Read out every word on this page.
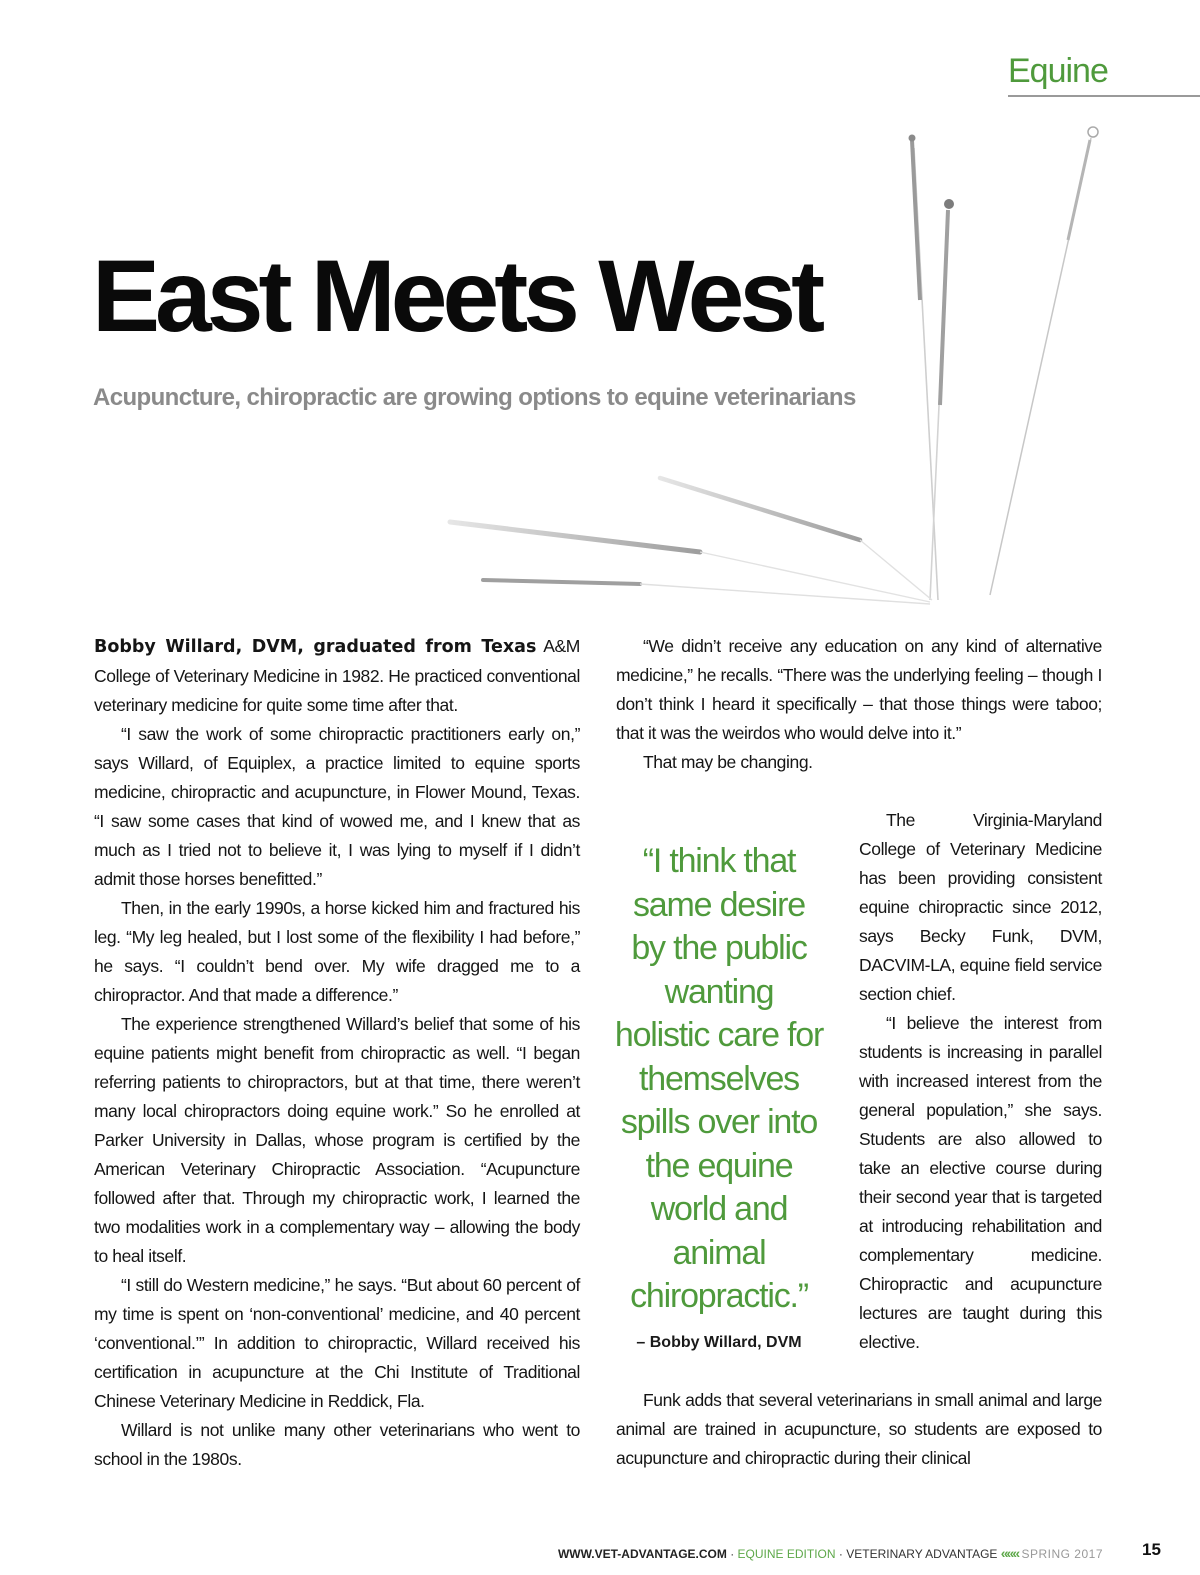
Equine
East Meets West
Acupuncture, chiropractic are growing options to equine veterinarians

Bobby Willard, DVM, graduated from Texas A&M College of Veterinary Medicine in 1982. He practiced conventional veterinary medicine for quite some time after that.

“I saw the work of some chiropractic practitioners early on,” says Willard, of Equiplex, a practice limited to equine sports medicine, chiropractic and acupuncture, in Flower Mound, Texas. “I saw some cases that kind of wowed me, and I knew that as much as I tried not to believe it, I was lying to myself if I didn’t admit those horses benefitted.”

Then, in the early 1990s, a horse kicked him and fractured his leg. “My leg healed, but I lost some of the flexibility I had before,” he says. “I couldn’t bend over. My wife dragged me to a chiropractor. And that made a difference.”

The experience strengthened Willard’s belief that some of his equine patients might benefit from chiropractic as well. “I began referring patients to chiropractors, but at that time, there weren’t many local chiropractors doing equine work.” So he enrolled at Parker University in Dallas, whose program is certified by the American Veterinary Chiropractic Association. “Acupuncture followed after that. Through my chiropractic work, I learned the two modalities work in a complementary way – allowing the body to heal itself.

“I still do Western medicine,” he says. “But about 60 percent of my time is spent on ‘non-conventional’ medicine, and 40 percent ‘conventional.’” In addition to chiropractic, Willard received his certification in acupuncture at the Chi Institute of Traditional Chinese Veterinary Medicine in Reddick, Fla.

Willard is not unlike many other veterinarians who went to school in the 1980s.

“We didn’t receive any education on any kind of alternative medicine,” he recalls. “There was the underlying feeling – though I don’t think I heard it specifically – that those things were taboo; that it was the weirdos who would delve into it.”

That may be changing.

“I think that same desire by the public wanting holistic care for themselves spills over into the equine world and animal chiropractic.”
– Bobby Willard, DVM

The Virginia-Maryland College of Veterinary Medicine has been providing consistent equine chiropractic since 2012, says Becky Funk, DVM, DACVIM-LA, equine field service section chief.

“I believe the interest from students is increasing in parallel with increased interest from the general population,” she says. Students are also allowed to take an elective course during their second year that is targeted at introducing rehabilitation and complementary medicine. Chiropractic and acupuncture lectures are taught during this elective.

Funk adds that several veterinarians in small animal and large animal are trained in acupuncture, so students are exposed to acupuncture and chiropractic during their clinical

WWW.VET-ADVANTAGE.COM · EQUINE EDITION · VETERINARY ADVANTAGE ««« SPRING 2017 15
